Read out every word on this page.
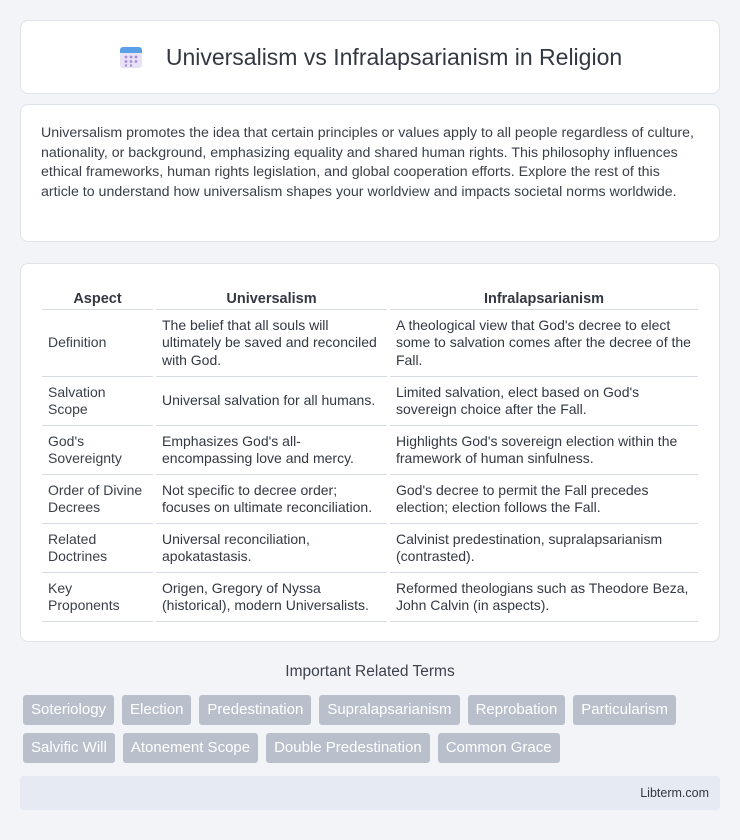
Universalism vs Infralapsarianism in Religion

Universalism promotes the idea that certain principles or values apply to all people regardless of culture, nationality, or background, emphasizing equality and shared human rights. This philosophy influences ethical frameworks, human rights legislation, and global cooperation efforts. Explore the rest of this article to understand how universalism shapes your worldview and impacts societal norms worldwide.

Aspect	Universalism	Infralapsarianism
Definition	The belief that all souls will ultimately be saved and reconciled with God.	A theological view that God's decree to elect some to salvation comes after the decree of the Fall.
Salvation Scope	Universal salvation for all humans.	Limited salvation, elect based on God's sovereign choice after the Fall.
God's Sovereignty	Emphasizes God's all-encompassing love and mercy.	Highlights God's sovereign election within the framework of human sinfulness.
Order of Divine Decrees	Not specific to decree order; focuses on ultimate reconciliation.	God's decree to permit the Fall precedes election; election follows the Fall.
Related Doctrines	Universal reconciliation, apokatastasis.	Calvinist predestination, supralapsarianism (contrasted).
Key Proponents	Origen, Gregory of Nyssa (historical), modern Universalists.	Reformed theologians such as Theodore Beza, John Calvin (in aspects).
Important Related Terms
Soteriology	Election	Predestination	Supralapsarianism	Reprobation	Particularism
Salvific Will	Atonement Scope	Double Predestination	Common Grace
Libterm.com
